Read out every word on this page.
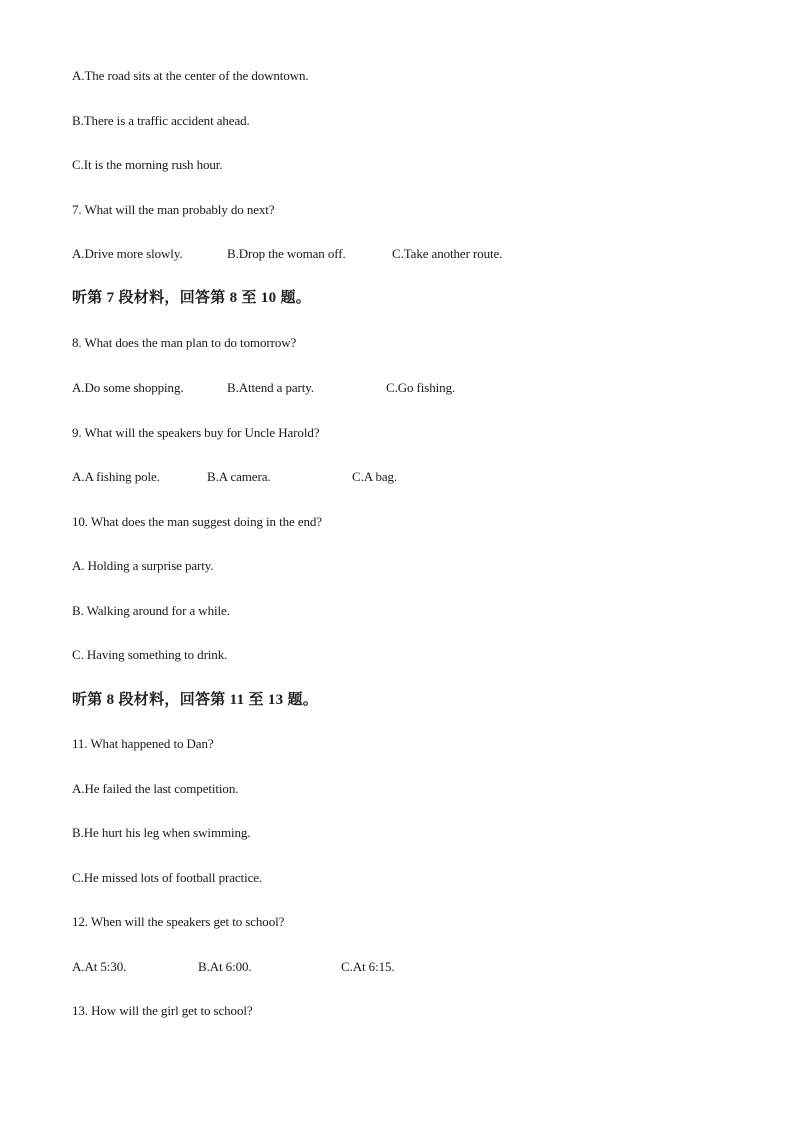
A.The road sits at the center of the downtown.
B.There is a traffic accident ahead.
C.It is the morning rush hour.
7. What will the man probably do next?
A.Drive more slowly.	B.Drop the woman off.	C.Take another route.
听第 7 段材料，回答第 8 至 10 题。
8. What does the man plan to do tomorrow?
A.Do some shopping.	B.Attend a party.	C.Go fishing.
9. What will the speakers buy for Uncle Harold?
A.A fishing pole.	B.A camera.	C.A bag.
10. What does the man suggest doing in the end?
A. Holding a surprise party.
B. Walking around for a while.
C. Having something to drink.
听第 8 段材料，回答第 11 至 13 题。
11. What happened to Dan?
A.He failed the last competition.
B.He hurt his leg when swimming.
C.He missed lots of football practice.
12. When will the speakers get to school?
A.At 5:30.	B.At 6:00.	C.At 6:15.
13. How will the girl get to school?
